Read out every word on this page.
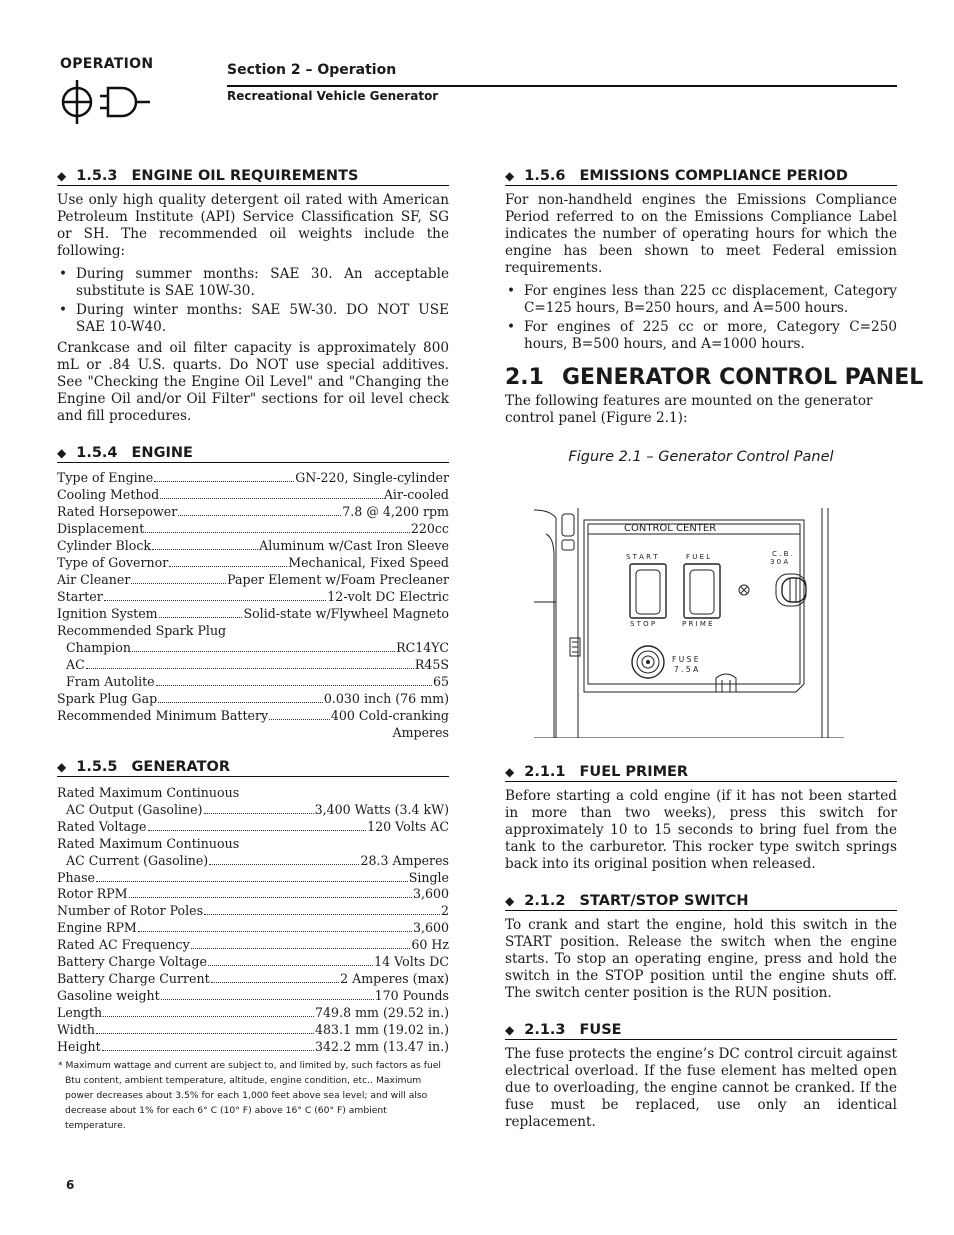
OPERATION	Section 2 – Operation
Recreational Vehicle Generator
◆ 1.5.3 ENGINE OIL REQUIREMENTS

Use only high quality detergent oil rated with American Petroleum Institute (API) Service Classification SF, SG or SH. The recommended oil weights include the following:

• During summer months: SAE 30. An acceptable substitute is SAE 10W-30.
• During winter months: SAE 5W-30. DO NOT USE SAE 10-W40.

Crankcase and oil filter capacity is approximately 800 mL or .84 U.S. quarts. Do NOT use special additives. See "Checking the Engine Oil Level" and "Changing the Engine Oil and/or Oil Filter" sections for oil level check and fill procedures.

◆ 1.5.4 ENGINE
Type of Engine	GN-220, Single-cylinder
Cooling Method	Air-cooled
Rated Horsepower	7.8 @ 4,200 rpm
Displacement	220cc
Cylinder Block	Aluminum w/Cast Iron Sleeve
Type of Governor	Mechanical, Fixed Speed
Air Cleaner	Paper Element w/Foam Precleaner
Starter	12-volt DC Electric
Ignition System	Solid-state w/Flywheel Magneto
Recommended Spark Plug
Champion	RC14YC
AC	R45S
Fram Autolite	65
Spark Plug Gap	0.030 inch (76 mm)
Recommended Minimum Battery	400 Cold-cranking
Amperes
◆ 1.5.5 GENERATOR
Rated Maximum Continuous
AC Output (Gasoline)	3,400 Watts (3.4 kW)
Rated Voltage	120 Volts AC
Rated Maximum Continuous
AC Current (Gasoline)	28.3 Amperes
Phase	Single
Rotor RPM	3,600
Number of Rotor Poles	2
Engine RPM	3,600
Rated AC Frequency	60 Hz
Battery Charge Voltage	14 Volts DC
Battery Charge Current	2 Amperes (max)
Gasoline weight	170 Pounds
Length	749.8 mm (29.52 in.)
Width	483.1 mm (19.02 in.)
Height	342.2 mm (13.47 in.)
* Maximum wattage and current are subject to, and limited by, such factors as fuel Btu content, ambient temperature, altitude, engine condition, etc.. Maximum power decreases about 3.5% for each 1,000 feet above sea level; and will also decrease about 1% for each 6° C (10° F) above 16° C (60° F) ambient temperature.
◆ 1.5.6 EMISSIONS COMPLIANCE PERIOD

For non-handheld engines the Emissions Compliance Period referred to on the Emissions Compliance Label indicates the number of operating hours for which the engine has been shown to meet Federal emission requirements.

• For engines less than 225 cc displacement, Category C=125 hours, B=250 hours, and A=500 hours.
• For engines of 225 cc or more, Category C=250 hours, B=500 hours, and A=1000 hours.
2.1 GENERATOR CONTROL PANEL

The following features are mounted on the generator control panel (Figure 2.1):

Figure 2.1 – Generator Control Panel

CONTROL CENTER
S T A R T	F U E L
S T O P	P R I M E
C . B .
3 0 A
F U S E
7 . 5 A
◆ 2.1.1 FUEL PRIMER

Before starting a cold engine (if it has not been started in more than two weeks), press this switch for approximately 10 to 15 seconds to bring fuel from the tank to the carburetor. This rocker type switch springs back into its original position when released.

◆ 2.1.2 START/STOP SWITCH

To crank and start the engine, hold this switch in the START position. Release the switch when the engine starts. To stop an operating engine, press and hold the switch in the STOP position until the engine shuts off. The switch center position is the RUN position.

◆ 2.1.3 FUSE

The fuse protects the engine’s DC control circuit against electrical overload. If the fuse element has melted open due to overloading, the engine cannot be cranked. If the fuse must be replaced, use only an identical replacement.

6
